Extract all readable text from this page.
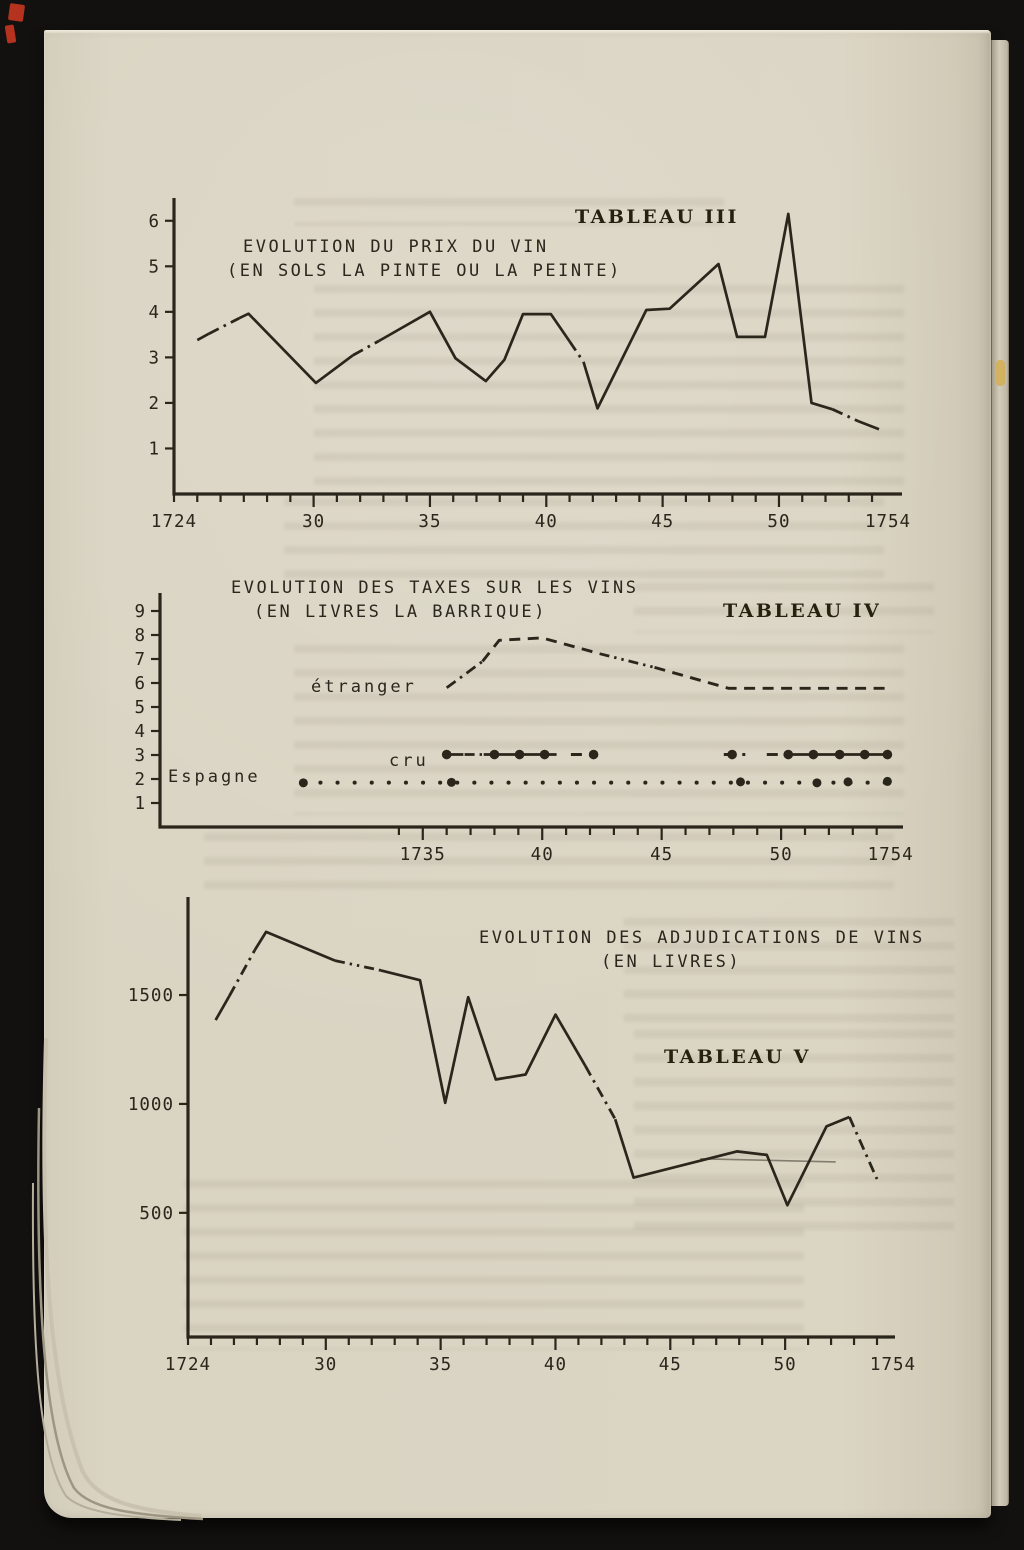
TABLEAU III
EVOLUTION DU PRIX DU VIN
(EN SOLS LA PINTE OU LA PEINTE)
1724	30	35	40	45	50	1754
1
2
3
4
5
6
TABLEAU IV
EVOLUTION DES TAXES SUR LES VINS
(EN LIVRES LA BARRIQUE)
étranger
cru
Espagne
1735	40	45	50	1754
1
2
3
4
5
6
7
8
9
TABLEAU V
EVOLUTION DES ADJUDICATIONS DE VINS
(EN LIVRES)
1724	30	35	40	45	50	1754
500
1000
1500
